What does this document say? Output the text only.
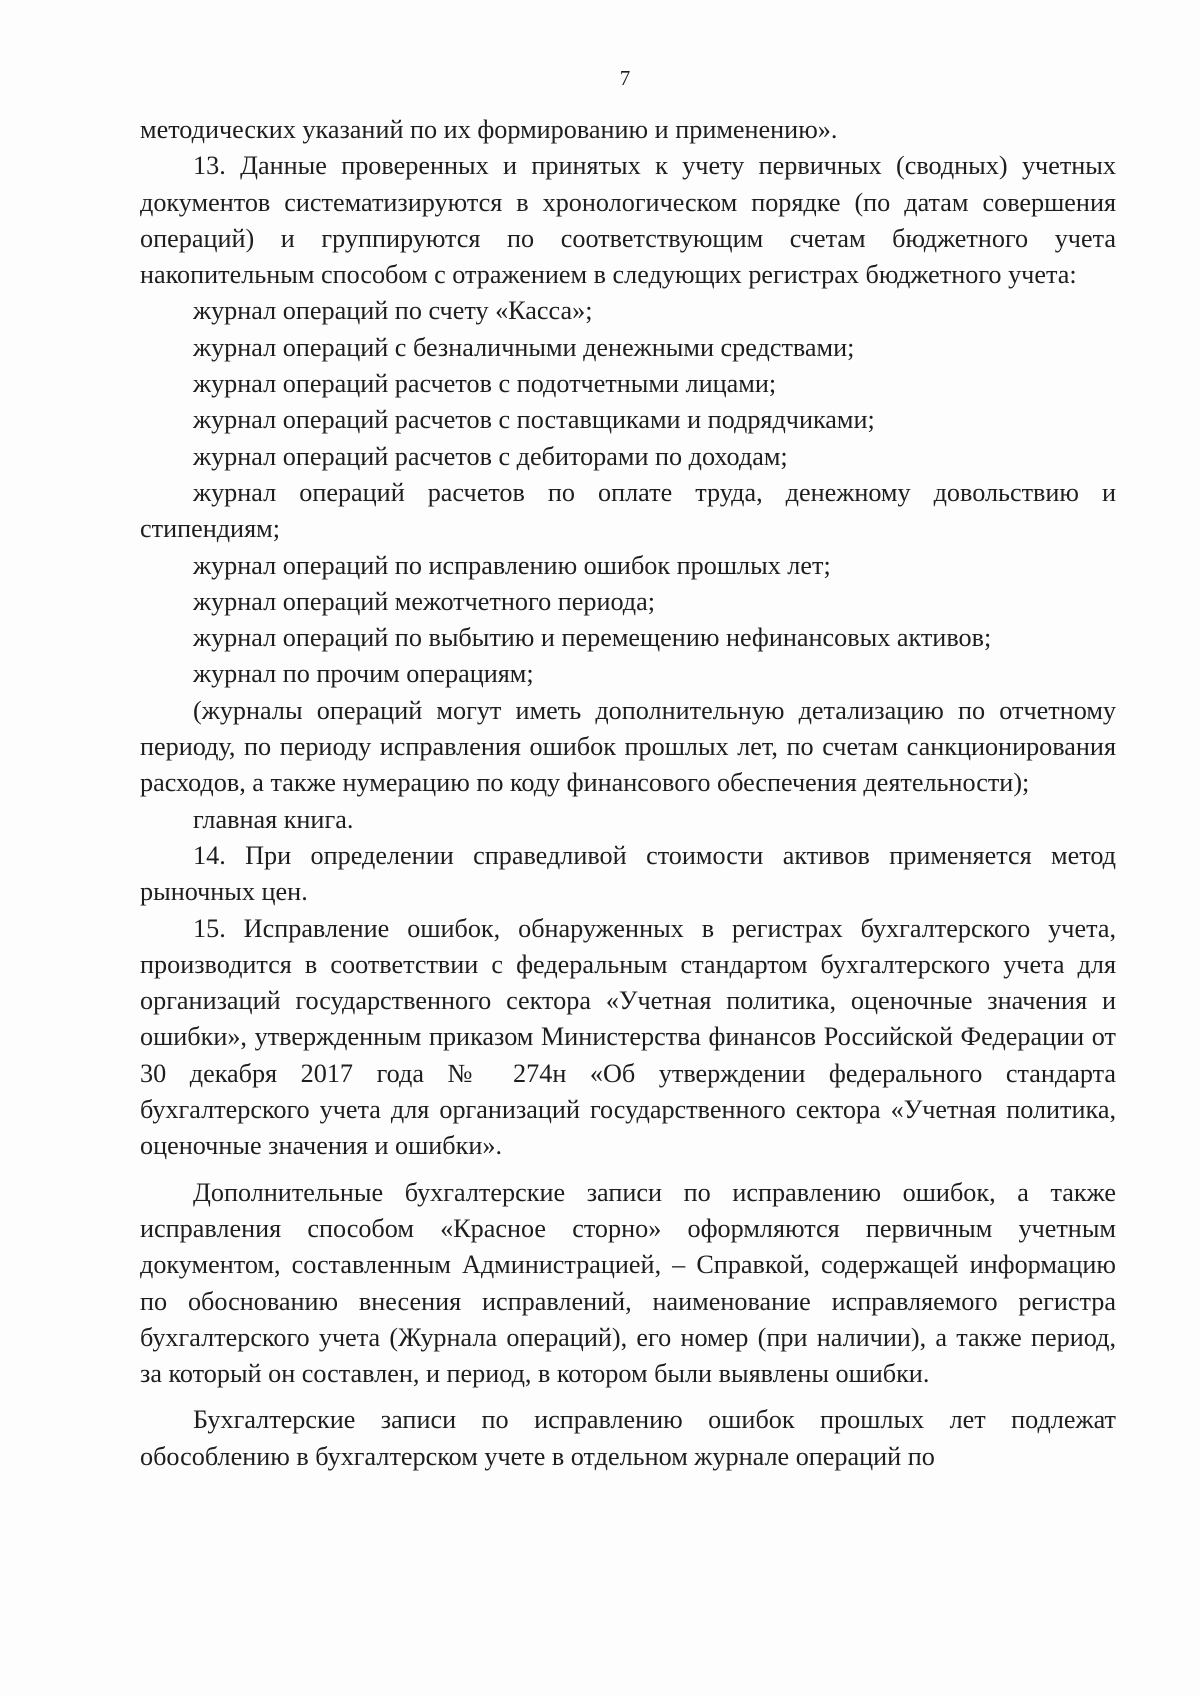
7

методических указаний по их формированию и применению».

13. Данные проверенных и принятых к учету первичных (сводных) учетных документов систематизируются в хронологическом порядке (по датам совершения операций) и группируются по соответствующим счетам бюджетного учета накопительным способом с отражением в следующих регистрах бюджетного учета:

журнал операций по счету «Касса»;

журнал операций с безналичными денежными средствами;

журнал операций расчетов с подотчетными лицами;

журнал операций расчетов с поставщиками и подрядчиками;

журнал операций расчетов с дебиторами по доходам;

журнал операций расчетов по оплате труда, денежному довольствию и стипендиям;

журнал операций по исправлению ошибок прошлых лет;

журнал операций межотчетного периода;

журнал операций по выбытию и перемещению нефинансовых активов;

журнал по прочим операциям;

(журналы операций могут иметь дополнительную детализацию по отчетному периоду, по периоду исправления ошибок прошлых лет, по счетам санкционирования расходов, а также нумерацию по коду финансового обеспечения деятельности);

главная книга.

14. При определении справедливой стоимости активов применяется метод рыночных цен.

15. Исправление ошибок, обнаруженных в регистрах бухгалтерского учета, производится в соответствии с федеральным стандартом бухгалтерского учета для организаций государственного сектора «Учетная политика, оценочные значения и ошибки», утвержденным приказом Министерства финансов Российской Федерации от 30 декабря 2017 года № 274н «Об утверждении федерального стандарта бухгалтерского учета для организаций государственного сектора «Учетная политика, оценочные значения и ошибки».

Дополнительные бухгалтерские записи по исправлению ошибок, а также исправления способом «Красное сторно» оформляются первичным учетным документом, составленным Администрацией, – Справкой, содержащей информацию по обоснованию внесения исправлений, наименование исправляемого регистра бухгалтерского учета (Журнала операций), его номер (при наличии), а также период, за который он составлен, и период, в котором были выявлены ошибки.

Бухгалтерские записи по исправлению ошибок прошлых лет подлежат обособлению в бухгалтерском учете в отдельном журнале операций по
